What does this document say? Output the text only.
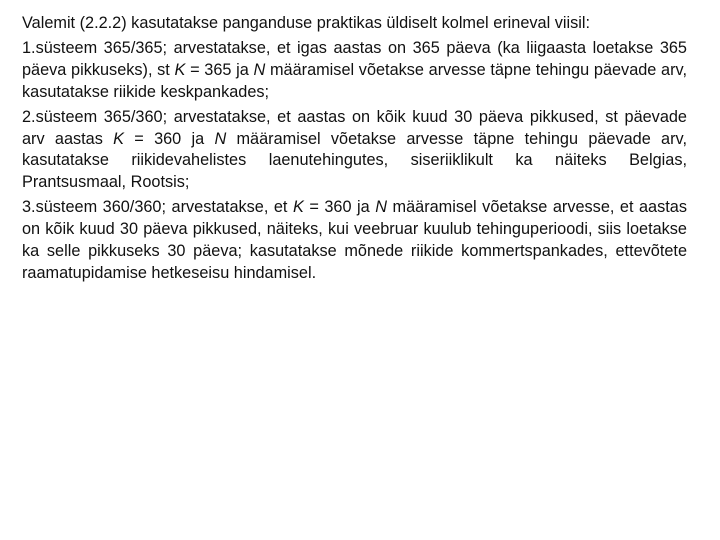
Valemit (2.2.2) kasutatakse panganduse praktikas üldiselt kolmel erineval viisil:

1.süsteem 365/365; arvestatakse, et igas aastas on 365 päeva (ka liigaasta loetakse 365 päeva pikkuseks), st K = 365 ja N määramisel võetakse arvesse täpne tehingu päevade arv, kasutatakse riikide keskpankades;

2.süsteem 365/360; arvestatakse, et aastas on kõik kuud 30 päeva pikkused, st päevade arv aastas K = 360 ja N määramisel võetakse arvesse täpne tehingu päevade arv, kasutatakse riikidevahelistes laenutehingutes, siseriiklikult ka näiteks Belgias, Prantsusmaal, Rootsis;

3.süsteem 360/360; arvestatakse, et K = 360 ja N määramisel võetakse arvesse, et aastas on kõik kuud 30 päeva pikkused, näiteks, kui veebruar kuulub tehinguperioodi, siis loetakse ka selle pikkuseks 30 päeva; kasutatakse mõnede riikide kommertspankades, ettevõtete raamatupidamise hetkeseisu hindamisel.
